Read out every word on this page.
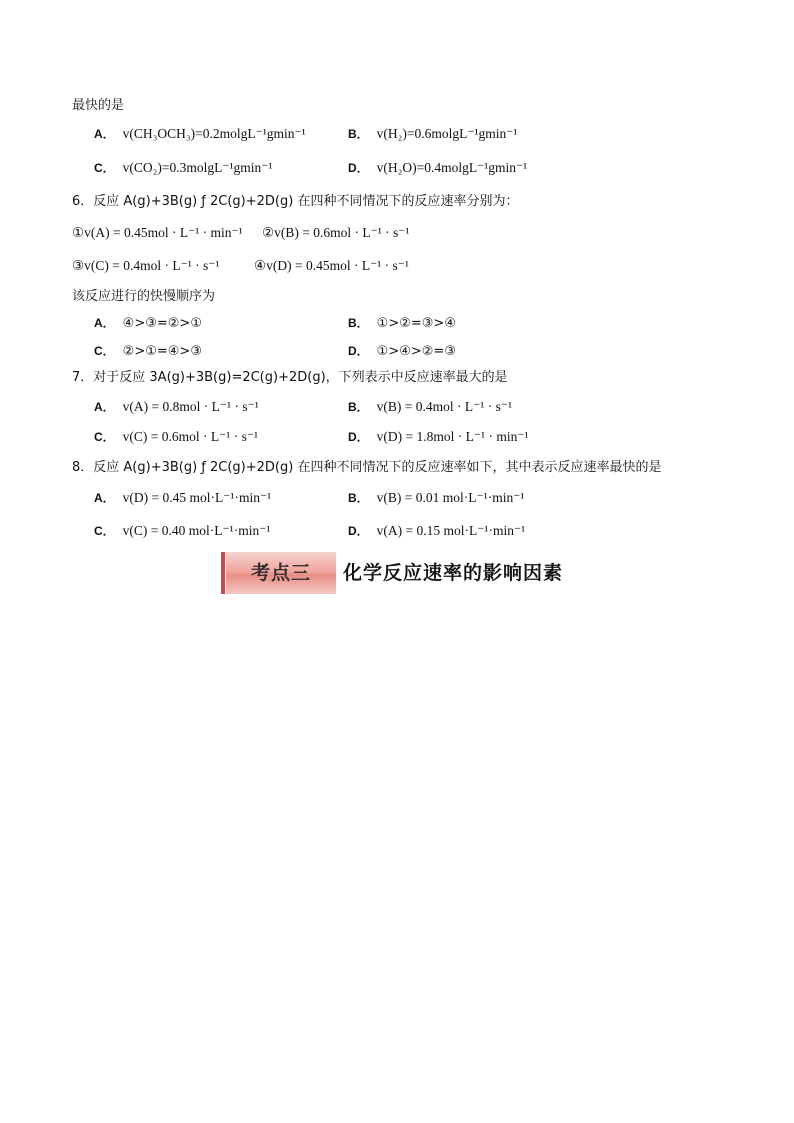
最快的是
A． v(CH₃OCH₃)=0.2molgL⁻¹gmin⁻¹	B． v(H₂)=0.6molgL⁻¹gmin⁻¹
C． v(CO₂)=0.3molgL⁻¹gmin⁻¹	D． v(H₂O)=0.4molgL⁻¹gmin⁻¹
6．反应 A(g)+3B(g) ƒ 2C(g)+2D(g) 在四种不同情况下的反应速率分别为：
①v(A) = 0.45mol · L⁻¹ · min⁻¹ ②v(B) = 0.6mol · L⁻¹ · s⁻¹
③v(C) = 0.4mol · L⁻¹ · s⁻¹	④v(D) = 0.45mol · L⁻¹ · s⁻¹
该反应进行的快慢顺序为
A． ④>③=②>①	B． ①>②=③>④
C． ②>①=④>③	D． ①>④>②=③
7．对于反应 3A(g)+3B(g)=2C(g)+2D(g)，下列表示中反应速率最大的是
A． v(A) = 0.8mol · L⁻¹ · s⁻¹	B． v(B) = 0.4mol · L⁻¹ · s⁻¹
C． v(C) = 0.6mol · L⁻¹ · s⁻¹	D． v(D) = 1.8mol · L⁻¹ · min⁻¹
8．反应 A(g)+3B(g) ƒ 2C(g)+2D(g) 在四种不同情况下的反应速率如下，其中表示反应速率最快的是
A． v(D) = 0.45 mol·L⁻¹·min⁻¹	B． v(B) = 0.01 mol·L⁻¹·min⁻¹
C． v(C) = 0.40 mol·L⁻¹·min⁻¹	D． v(A) = 0.15 mol·L⁻¹·min⁻¹
考点三	化学反应速率的影响因素
